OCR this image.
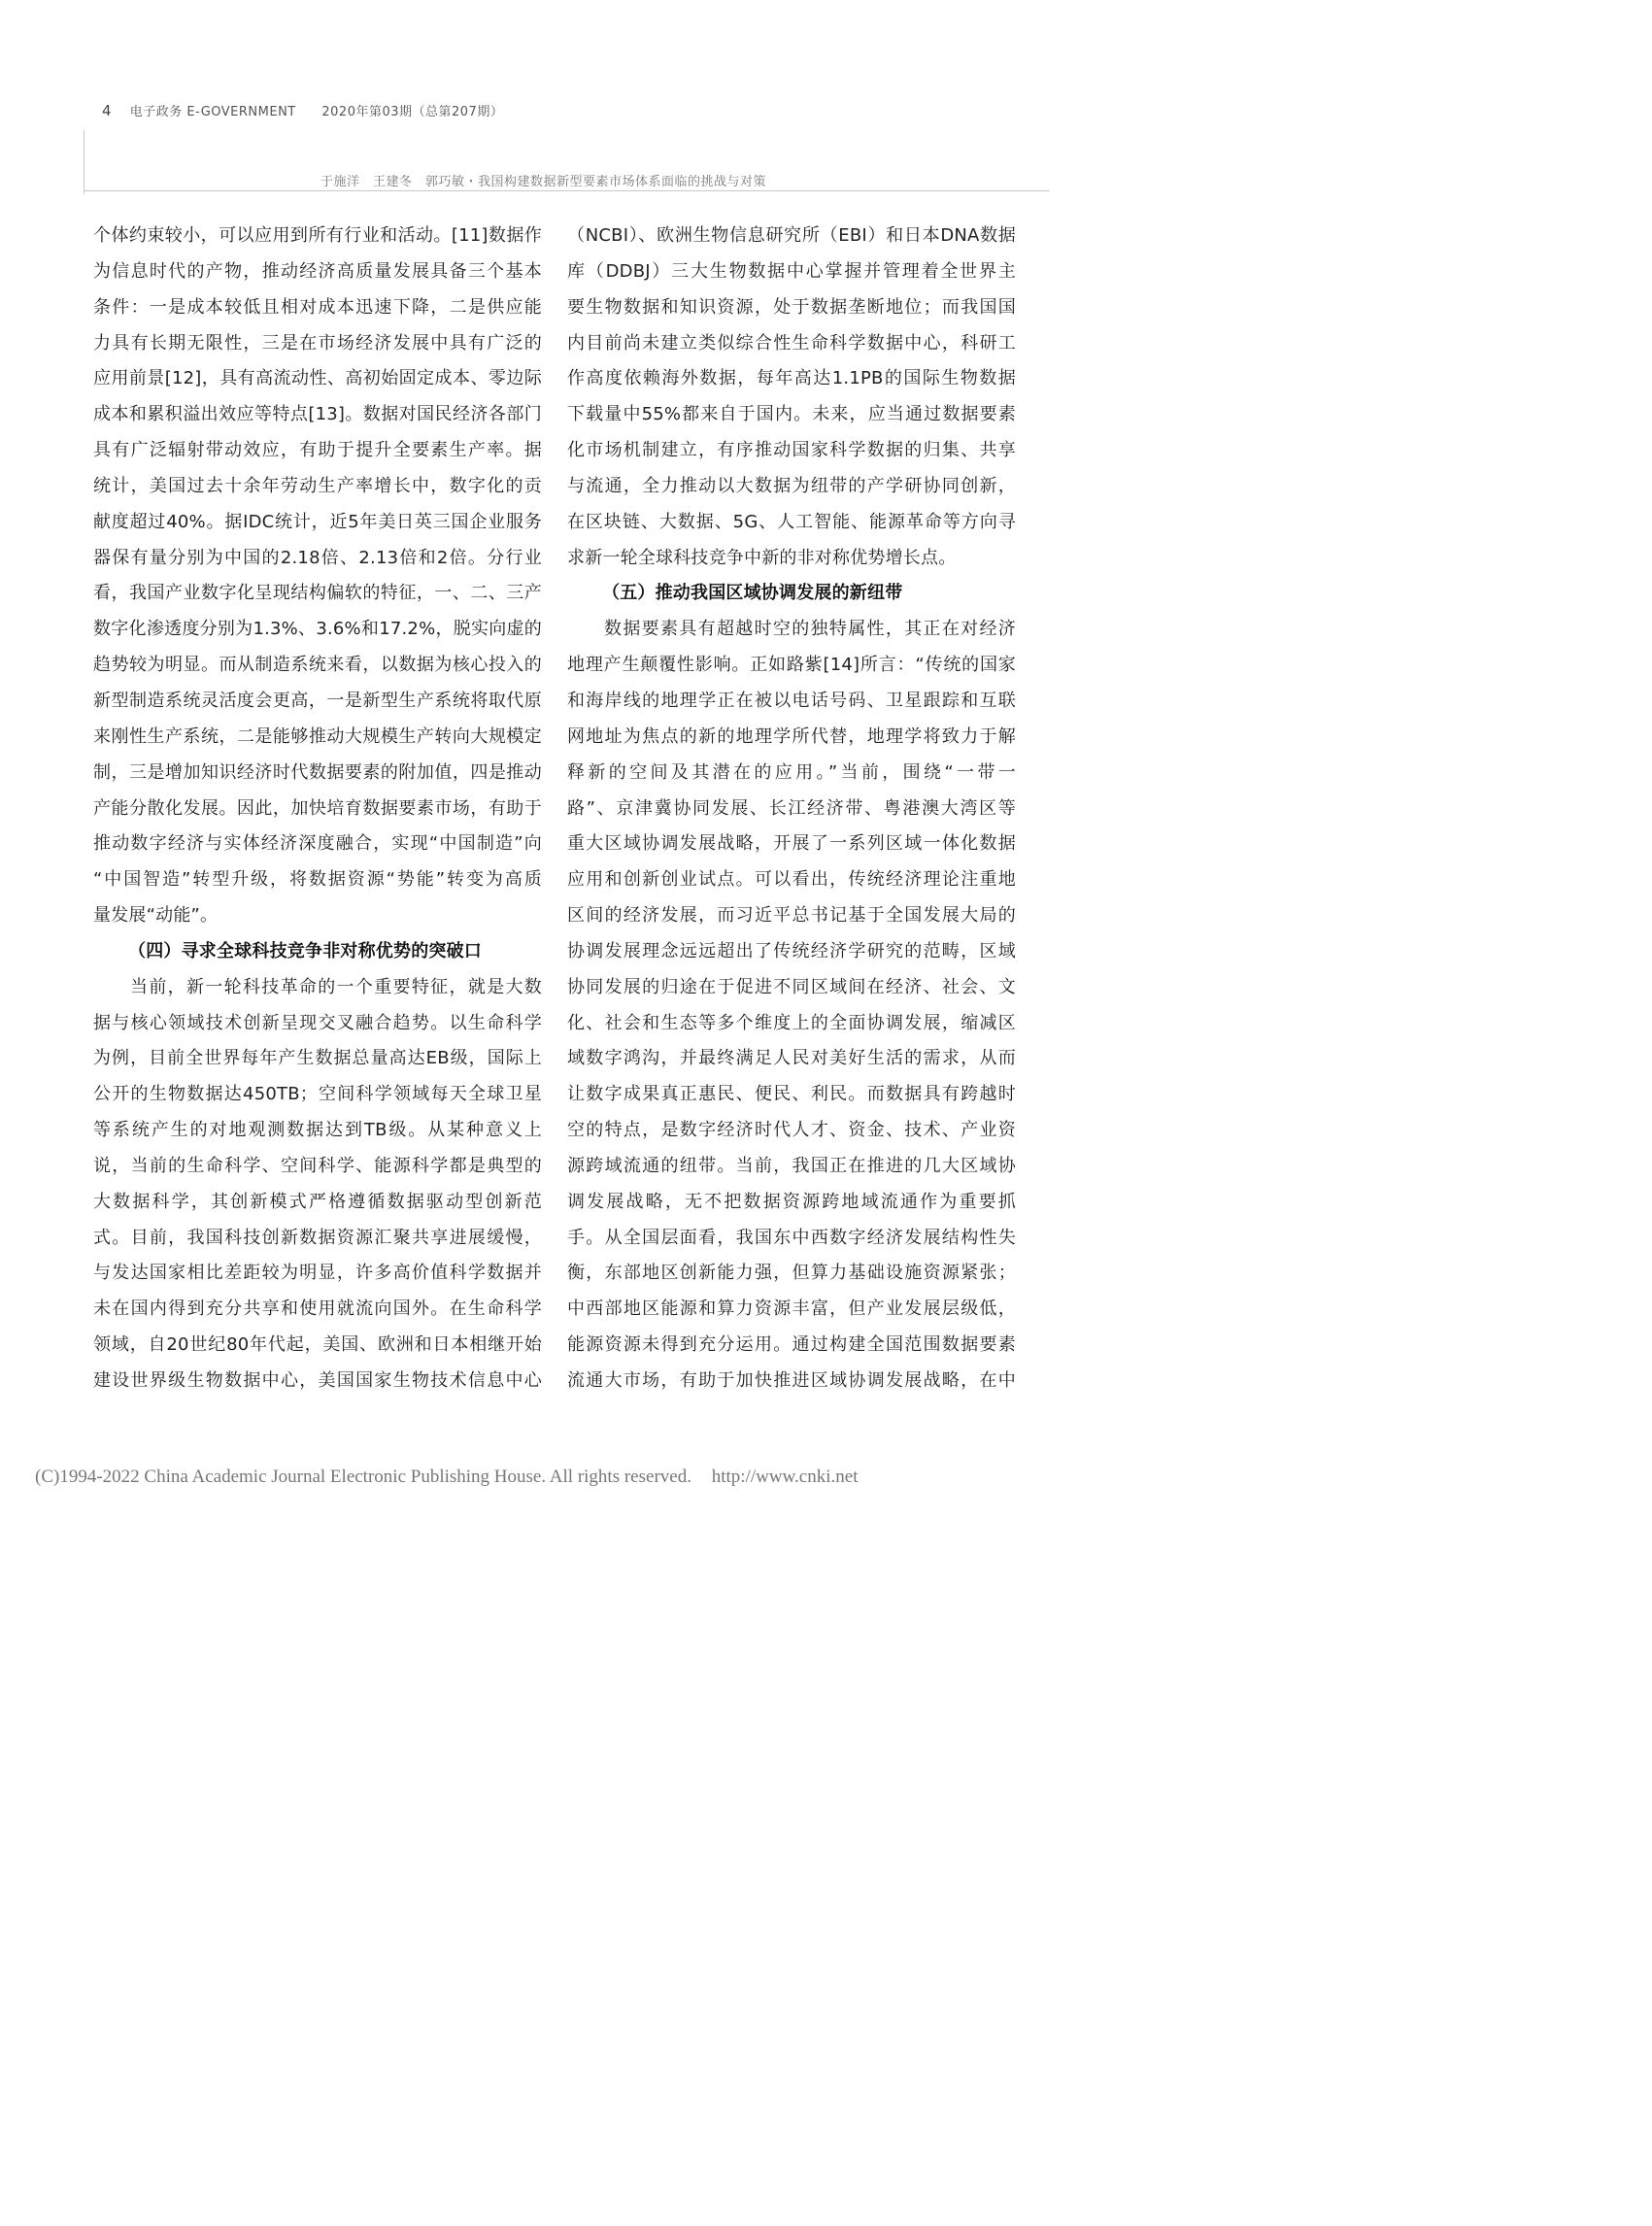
4 电子政务 E-GOVERNMENT 2020年第03期（总第207期）
于施洋　王建冬　郭巧敏・我国构建数据新型要素市场体系面临的挑战与对策
个体约束较小，可以应用到所有行业和活动。[11]数据作
为信息时代的产物，推动经济高质量发展具备三个基本
条件：一是成本较低且相对成本迅速下降，二是供应能
力具有长期无限性，三是在市场经济发展中具有广泛的
应用前景[12]，具有高流动性、高初始固定成本、零边际
成本和累积溢出效应等特点[13]。数据对国民经济各部门
具有广泛辐射带动效应，有助于提升全要素生产率。据
统计，美国过去十余年劳动生产率增长中，数字化的贡
献度超过40%。据IDC统计，近5年美日英三国企业服务
器保有量分别为中国的2.18倍、2.13倍和2倍。分行业
看，我国产业数字化呈现结构偏软的特征，一、二、三产
数字化渗透度分别为1.3%、3.6%和17.2%，脱实向虚的
趋势较为明显。而从制造系统来看，以数据为核心投入的
新型制造系统灵活度会更高，一是新型生产系统将取代原
来刚性生产系统，二是能够推动大规模生产转向大规模定
制，三是增加知识经济时代数据要素的附加值，四是推动
产能分散化发展。因此，加快培育数据要素市场，有助于
推动数字经济与实体经济深度融合，实现“中国制造”向
“中国智造”转型升级，将数据资源“势能”转变为高质
量发展“动能”。
（四）寻求全球科技竞争非对称优势的突破口
当前，新一轮科技革命的一个重要特征，就是大数
据与核心领域技术创新呈现交叉融合趋势。以生命科学
为例，目前全世界每年产生数据总量高达EB级，国际上
公开的生物数据达450TB；空间科学领域每天全球卫星
等系统产生的对地观测数据达到TB级。从某种意义上
说，当前的生命科学、空间科学、能源科学都是典型的
大数据科学，其创新模式严格遵循数据驱动型创新范
式。目前，我国科技创新数据资源汇聚共享进展缓慢，
与发达国家相比差距较为明显，许多高价值科学数据并
未在国内得到充分共享和使用就流向国外。在生命科学
领域，自20世纪80年代起，美国、欧洲和日本相继开始
建设世界级生物数据中心，美国国家生物技术信息中心
（NCBI）、欧洲生物信息研究所（EBI）和日本DNA数据
库（DDBJ）三大生物数据中心掌握并管理着全世界主
要生物数据和知识资源，处于数据垄断地位；而我国国
内目前尚未建立类似综合性生命科学数据中心，科研工
作高度依赖海外数据，每年高达1.1PB的国际生物数据
下载量中55%都来自于国内。未来，应当通过数据要素
化市场机制建立，有序推动国家科学数据的归集、共享
与流通，全力推动以大数据为纽带的产学研协同创新，
在区块链、大数据、5G、人工智能、能源革命等方向寻
求新一轮全球科技竞争中新的非对称优势增长点。
（五）推动我国区域协调发展的新纽带
数据要素具有超越时空的独特属性，其正在对经济
地理产生颠覆性影响。正如路紫[14]所言：“传统的国家
和海岸线的地理学正在被以电话号码、卫星跟踪和互联
网地址为焦点的新的地理学所代替，地理学将致力于解
释新的空间及其潜在的应用。”当前，围绕“一带一
路”、京津冀协同发展、长江经济带、粤港澳大湾区等
重大区域协调发展战略，开展了一系列区域一体化数据
应用和创新创业试点。可以看出，传统经济理论注重地
区间的经济发展，而习近平总书记基于全国发展大局的
协调发展理念远远超出了传统经济学研究的范畴，区域
协同发展的归途在于促进不同区域间在经济、社会、文
化、社会和生态等多个维度上的全面协调发展，缩减区
域数字鸿沟，并最终满足人民对美好生活的需求，从而
让数字成果真正惠民、便民、利民。而数据具有跨越时
空的特点，是数字经济时代人才、资金、技术、产业资
源跨域流通的纽带。当前，我国正在推进的几大区域协
调发展战略，无不把数据资源跨地域流通作为重要抓
手。从全国层面看，我国东中西数字经济发展结构性失
衡，东部地区创新能力强，但算力基础设施资源紧张；
中西部地区能源和算力资源丰富，但产业发展层级低，
能源资源未得到充分运用。通过构建全国范围数据要素
流通大市场，有助于加快推进区域协调发展战略，在中
(C)1994-2022 China Academic Journal Electronic Publishing House. All rights reserved. http://www.cnki.net
